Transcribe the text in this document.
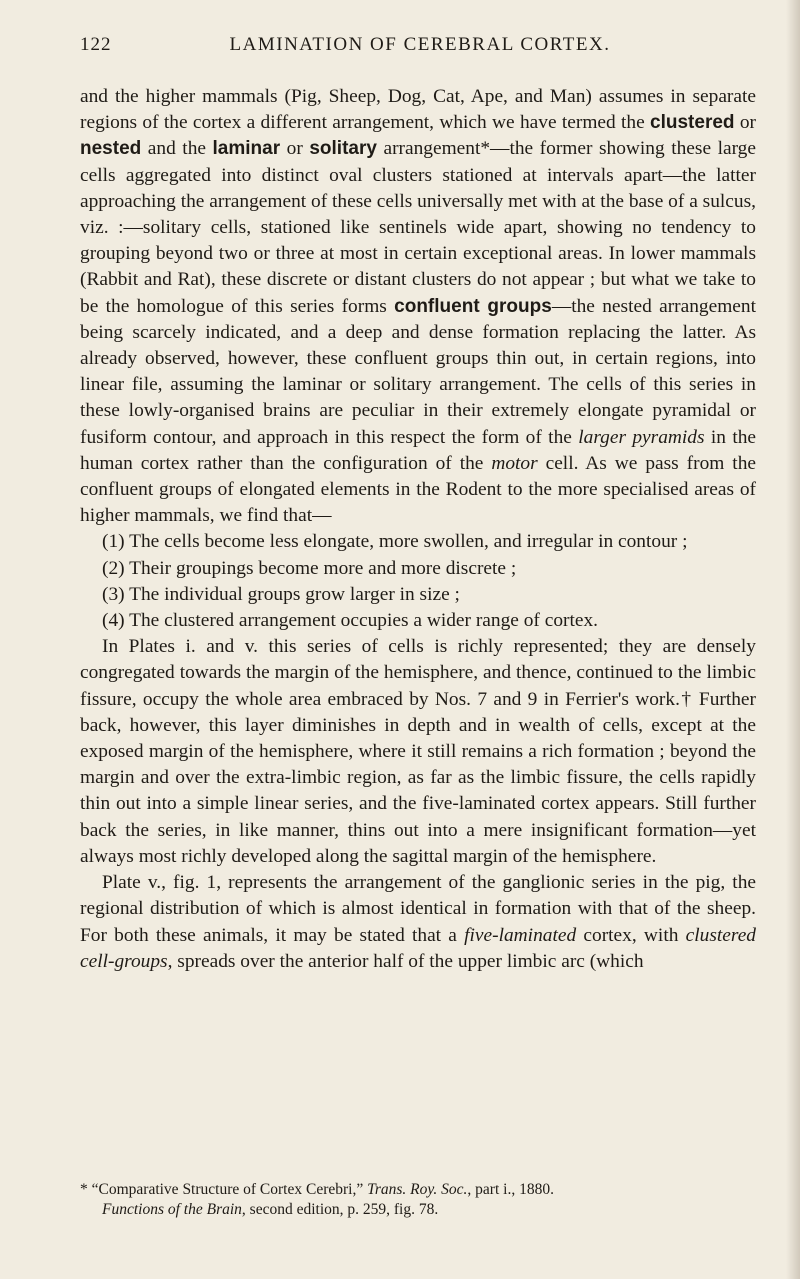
122	LAMINATION OF CEREBRAL CORTEX.

and the higher mammals (Pig, Sheep, Dog, Cat, Ape, and Man) assumes in separate regions of the cortex a different arrangement, which we have termed the clustered or nested and the laminar or solitary arrangement*—the former showing these large cells aggregated into distinct oval clusters stationed at intervals apart—the latter approaching the arrangement of these cells universally met with at the base of a sulcus, viz. :—solitary cells, stationed like sentinels wide apart, showing no tendency to grouping beyond two or three at most in certain exceptional areas. In lower mammals (Rabbit and Rat), these discrete or distant clusters do not appear ; but what we take to be the homologue of this series forms confluent groups—the nested arrangement being scarcely indicated, and a deep and dense formation replacing the latter. As already observed, however, these confluent groups thin out, in certain regions, into linear file, assuming the laminar or solitary arrangement. The cells of this series in these lowly-organised brains are peculiar in their extremely elongate pyramidal or fusiform contour, and approach in this respect the form of the larger pyramids in the human cortex rather than the configuration of the motor cell. As we pass from the confluent groups of elongated elements in the Rodent to the more specialised areas of higher mammals, we find that—

(1) The cells become less elongate, more swollen, and irregular in contour ;

(2) Their groupings become more and more discrete ;

(3) The individual groups grow larger in size ;

(4) The clustered arrangement occupies a wider range of cortex.

In Plates i. and v. this series of cells is richly represented; they are densely congregated towards the margin of the hemisphere, and thence, continued to the limbic fissure, occupy the whole area embraced by Nos. 7 and 9 in Ferrier's work.† Further back, however, this layer diminishes in depth and in wealth of cells, except at the exposed margin of the hemisphere, where it still remains a rich formation ; beyond the margin and over the extra-limbic region, as far as the limbic fissure, the cells rapidly thin out into a simple linear series, and the five-laminated cortex appears. Still further back the series, in like manner, thins out into a mere insignificant formation—yet always most richly developed along the sagittal margin of the hemisphere.

Plate v., fig. 1, represents the arrangement of the ganglionic series in the pig, the regional distribution of which is almost identical in formation with that of the sheep. For both these animals, it may be stated that a five-laminated cortex, with clustered cell-groups, spreads over the anterior half of the upper limbic arc (which

* “Comparative Structure of Cortex Cerebri,” Trans. Roy. Soc., part i., 1880.

Functions of the Brain, second edition, p. 259, fig. 78.
